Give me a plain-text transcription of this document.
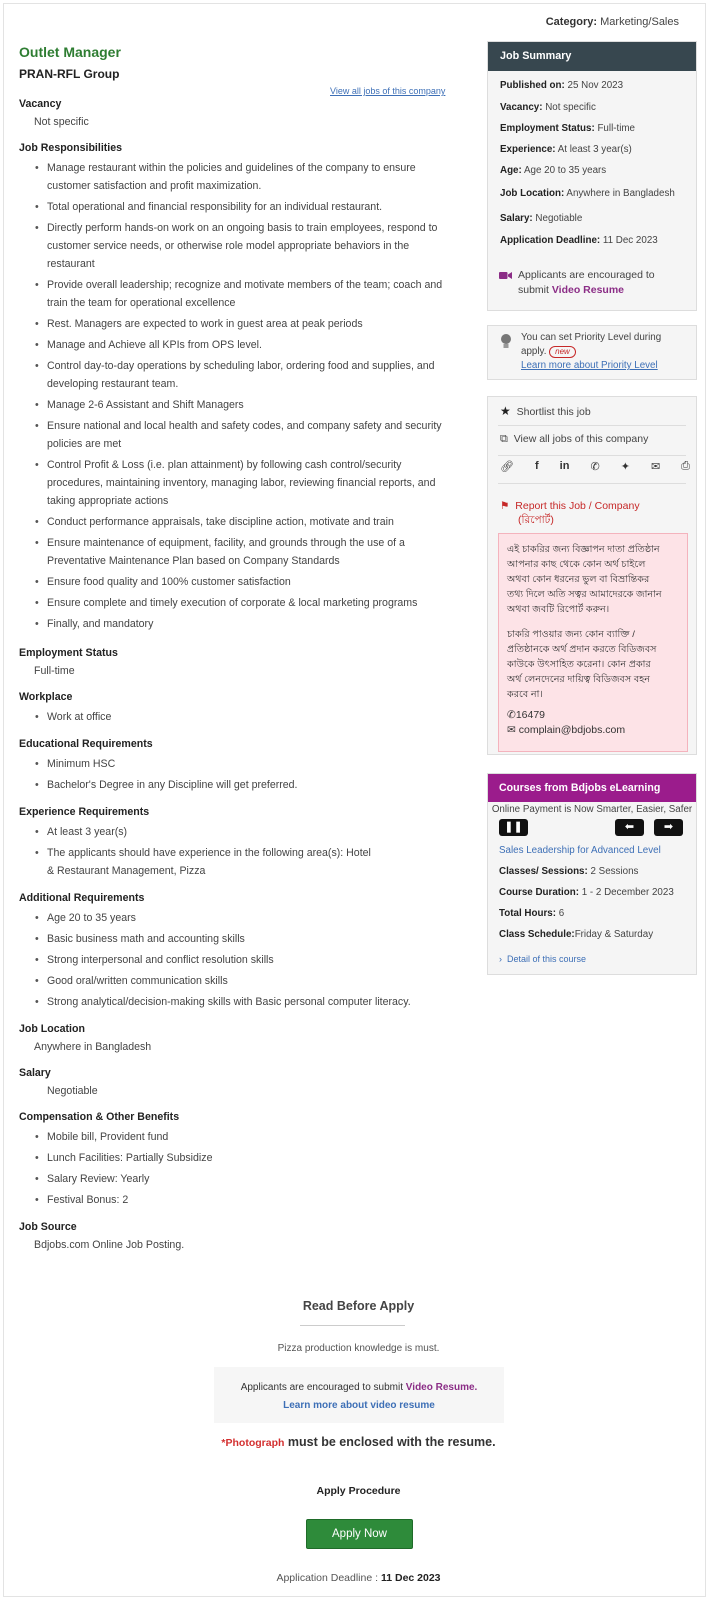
Category: Marketing/Sales
Outlet Manager
PRAN-RFL Group
View all jobs of this company
Vacancy
Not specific
Job Responsibilities
• Manage restaurant within the policies and guidelines of the company to ensure customer satisfaction and profit maximization.
• Total operational and financial responsibility for an individual restaurant.
• Directly perform hands-on work on an ongoing basis to train employees, respond to customer service needs, or otherwise role model appropriate behaviors in the restaurant
• Provide overall leadership; recognize and motivate members of the team; coach and train the team for operational excellence
• Rest. Managers are expected to work in guest area at peak periods
• Manage and Achieve all KPIs from OPS level.
• Control day-to-day operations by scheduling labor, ordering food and supplies, and developing restaurant team.
• Manage 2-6 Assistant and Shift Managers
• Ensure national and local health and safety codes, and company safety and security policies are met
• Control Profit & Loss (i.e. plan attainment) by following cash control/security procedures, maintaining inventory, managing labor, reviewing financial reports, and taking appropriate actions
• Conduct performance appraisals, take discipline action, motivate and train
• Ensure maintenance of equipment, facility, and grounds through the use of a Preventative Maintenance Plan based on Company Standards
• Ensure food quality and 100% customer satisfaction
• Ensure complete and timely execution of corporate & local marketing programs
• Finally, and mandatory
Employment Status
Full-time
Workplace
• Work at office
Educational Requirements
• Minimum HSC
• Bachelor's Degree in any Discipline will get preferred.
Experience Requirements
• At least 3 year(s)
• The applicants should have experience in the following area(s): Hotel & Restaurant Management, Pizza
Additional Requirements
• Age 20 to 35 years
• Basic business math and accounting skills
• Strong interpersonal and conflict resolution skills
• Good oral/written communication skills
• Strong analytical/decision-making skills with Basic personal computer literacy.
Job Location
Anywhere in Bangladesh
Salary
Negotiable
Compensation & Other Benefits
• Mobile bill, Provident fund
• Lunch Facilities: Partially Subsidize
• Salary Review: Yearly
• Festival Bonus: 2
Job Source
Bdjobs.com Online Job Posting.
Read Before Apply
Pizza production knowledge is must.
Applicants are encouraged to submit Video Resume.
Learn more about video resume
*Photograph must be enclosed with the resume.
Apply Procedure
Apply Now
Application Deadline : 11 Dec 2023
Job Summary
Published on: 25 Nov 2023
Vacancy: Not specific
Employment Status: Full-time
Experience: At least 3 year(s)
Age: Age 20 to 35 years
Job Location: Anywhere in Bangladesh
Salary: Negotiable
Application Deadline: 11 Dec 2023
Applicants are encouraged to
submit Video Resume
You can set Priority Level during
apply. new
Learn more about Priority Level
★ Shortlist this job
⧉ View all jobs of this company
🔗︎ f in ✆ ✦ ✉ ⎙
⚑ Report this Job / Company
(রিপোর্ট)
এই চাকরির জন্য বিজ্ঞাপন দাতা প্রতিষ্ঠান
আপনার কাছ থেকে কোন অর্থ চাইলে
অথবা কোন ধরনের ভুল বা বিভ্রান্তিকর
তথ্য দিলে অতি সত্বর আমাদেরকে জানান
অথবা জবটি রিপোর্ট করুন।
চাকরি পাওয়ার জন্য কোন ব্যাক্তি /
প্রতিষ্ঠানকে অর্থ প্রদান করতে বিডিজবস
কাউকে উৎসাহিত করেনা। কোন প্রকার
অর্থ লেনদেনের দায়িত্ব বিডিজবস বহন
করবে না।
✆16479
✉ complain@bdjobs.com
Courses from Bdjobs eLearning
Online Payment is Now Smarter, Easier, Safer
❚❚	⬅	➡
Sales Leadership for Advanced Level
Classes/ Sessions: 2 Sessions
Course Duration: 1 - 2 December 2023
Total Hours: 6
Class Schedule:Friday & Saturday
› Detail of this course
